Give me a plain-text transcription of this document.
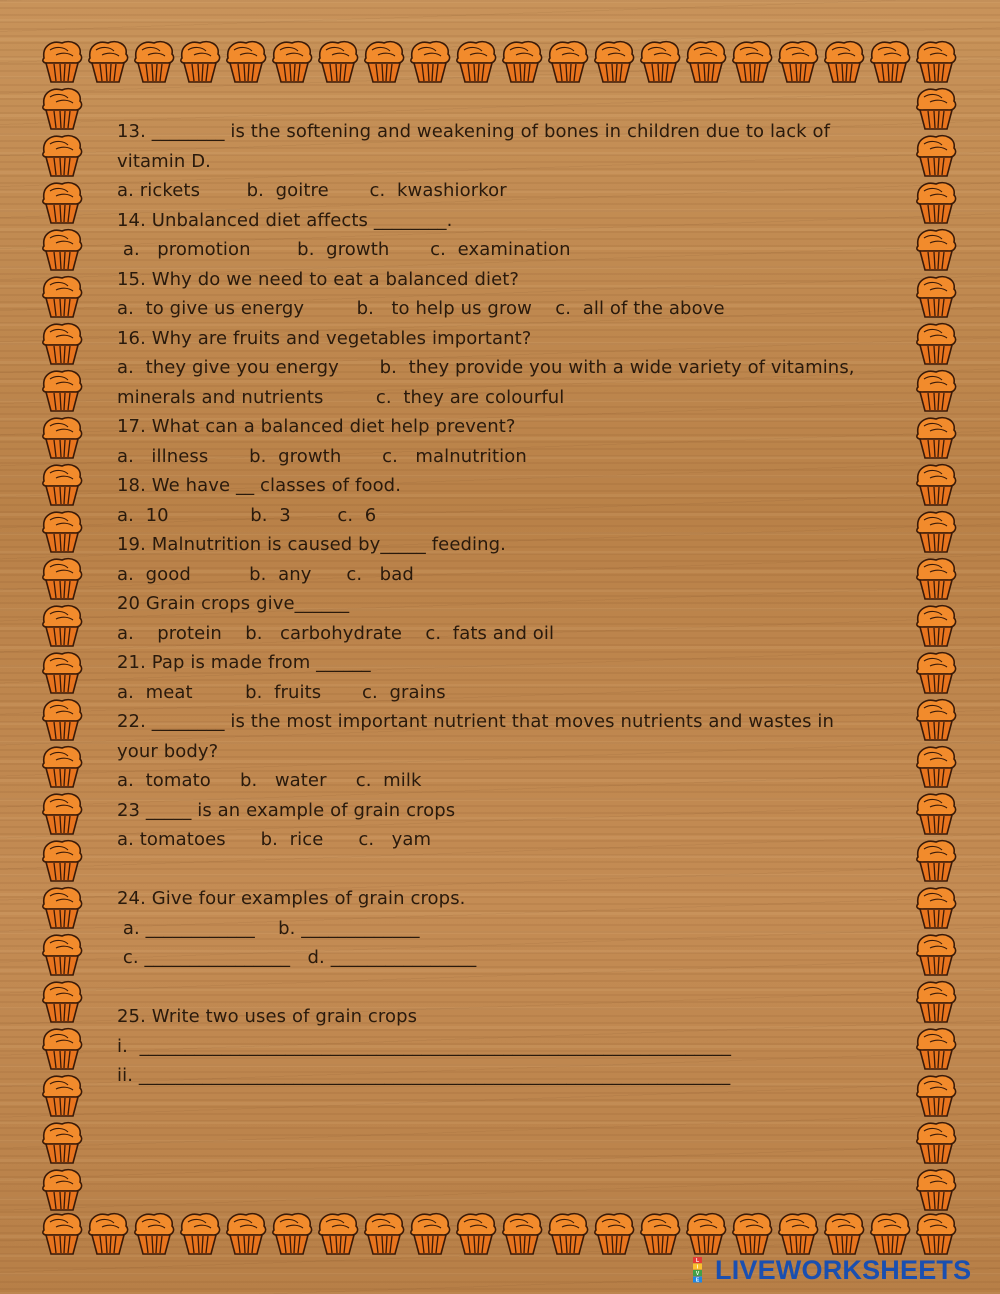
13. ________ is the softening and weakening of bones in children due to lack of vitamin D.
a. rickets        b.  goitre       c.  kwashiorkor
14. Unbalanced diet affects ________.
a.   promotion        b.  growth       c.  examination
15. Why do we need to eat a balanced diet?
a.  to give us energy         b.   to help us grow    c.  all of the above
16. Why are fruits and vegetables important?
a.  they give you energy       b.  they provide you with a wide variety of vitamins, minerals and nutrients         c.  they are colourful
17. What can a balanced diet help prevent?
a.   illness       b.  growth       c.   malnutrition
18. We have __ classes of food.
a.  10              b.  3        c.  6
19. Malnutrition is caused by_____ feeding.
a.  good          b.  any      c.   bad
20 Grain crops give______
a.    protein    b.   carbohydrate    c.  fats and oil
21. Pap is made from ______
a.  meat         b.  fruits       c.  grains
22. ________ is the most important nutrient that moves nutrients and wastes in your body?
a.  tomato     b.   water     c.  milk
23 _____ is an example of grain crops
a. tomatoes      b.  rice      c.   yam
24. Give four examples of grain crops.
a. ____________    b. _____________
c. ________________   d. ________________
25. Write two uses of grain crops
i.  _________________________________________________________________
ii. _________________________________________________________________
L
I
V
E LIVEWORKSHEETS
